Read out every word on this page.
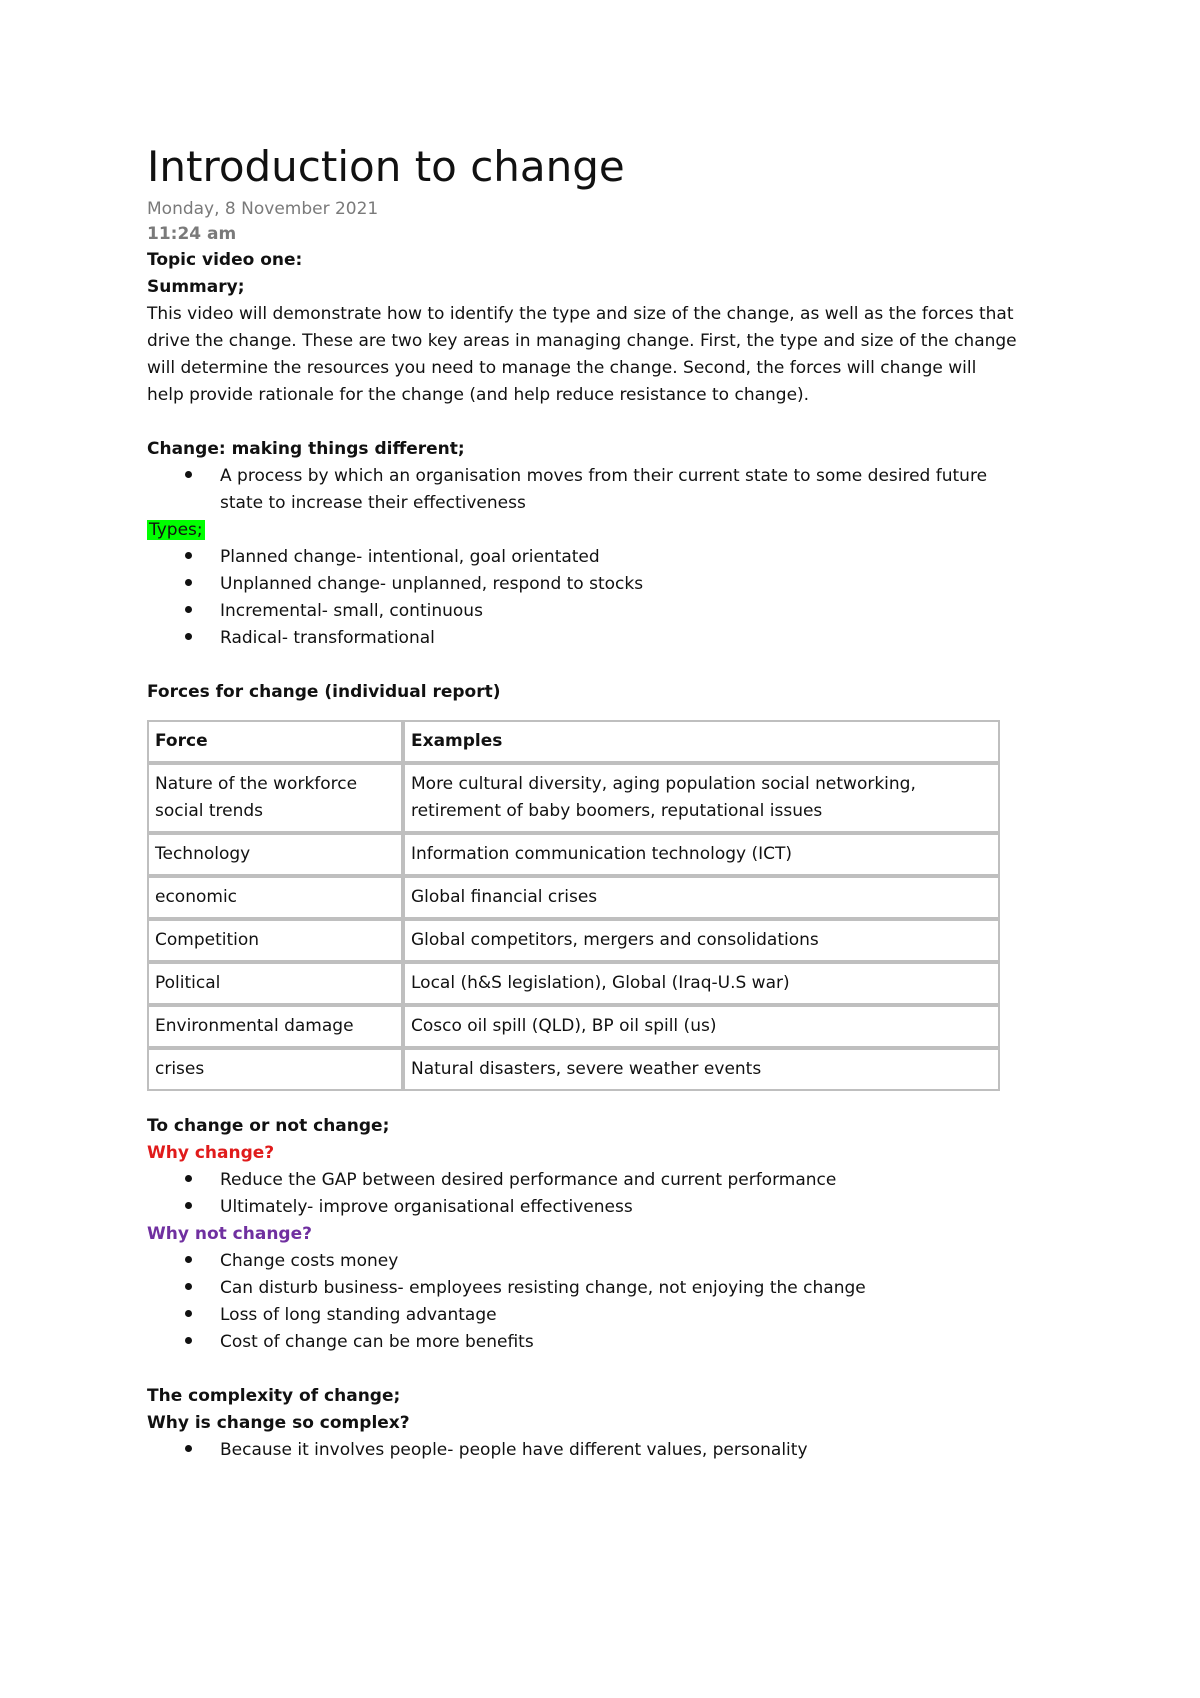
Introduction to change
Monday, 8 November 2021
11:24 am

Topic video one:

Summary;

This video will demonstrate how to identify the type and size of the change, as well as the forces that

drive the change. These are two key areas in managing change. First, the type and size of the change

will determine the resources you need to manage the change. Second, the forces will change will

help provide rationale for the change (and help reduce resistance to change).

Change: making things different;

A process by which an organisation moves from their current state to some desired future
state to increase their effectiveness

Types;

Planned change- intentional, goal orientated
Unplanned change- unplanned, respond to stocks
Incremental- small, continuous
Radical- transformational

Forces for change (individual report)

Force	Examples
Nature of the workforce social trends	More cultural diversity, aging population social networking, retirement of baby boomers, reputational issues
Technology	Information communication technology (ICT)
economic	Global financial crises
Competition	Global competitors, mergers and consolidations
Political	Local (h&S legislation), Global (Iraq-U.S war)
Environmental damage	Cosco oil spill (QLD), BP oil spill (us)
crises	Natural disasters, severe weather events

To change or not change;

Why change?

Reduce the GAP between desired performance and current performance
Ultimately- improve organisational effectiveness

Why not change?

Change costs money
Can disturb business- employees resisting change, not enjoying the change
Loss of long standing advantage
Cost of change can be more benefits

The complexity of change;

Why is change so complex?

Because it involves people- people have different values, personality
